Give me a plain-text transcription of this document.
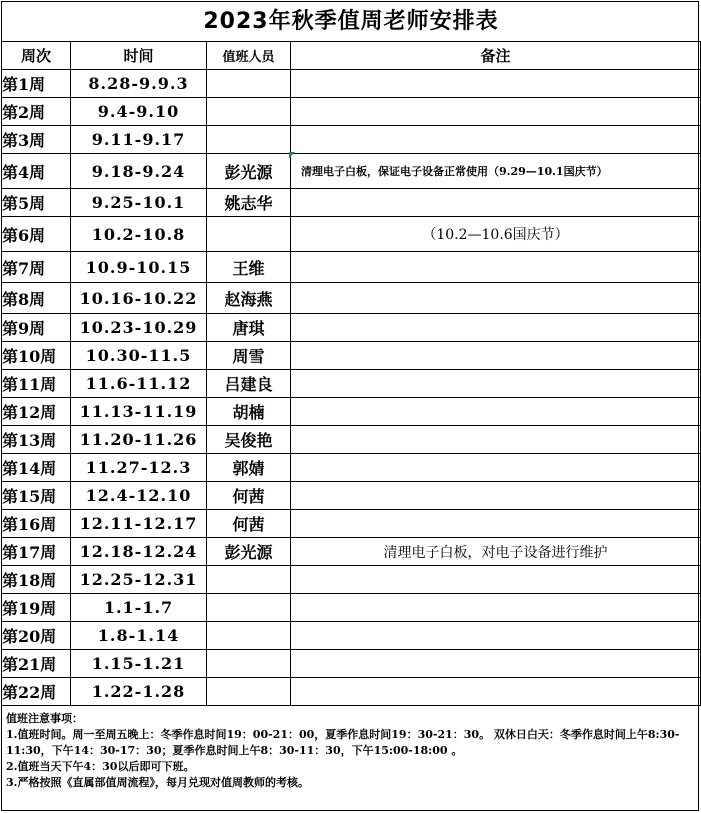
2023年秋季值周老师安排表
周次	时间	值班人员	备注
第1周	8.28-9.9.3		
第2周	9.4-9.10		
第3周	9.11-9.17		
第4周	9.18-9.24	彭光源	清理电子白板，保证电子设备正常使用（9.29—10.1国庆节）
第5周	9.25-10.1	姚志华	
第6周	10.2-10.8		（10.2—10.6国庆节）
第7周	10.9-10.15	王维	
第8周	10.16-10.22	赵海燕	
第9周	10.23-10.29	唐琪	
第10周	10.30-11.5	周雪	
第11周	11.6-11.12	吕建良	
第12周	11.13-11.19	胡楠	
第13周	11.20-11.26	吴俊艳	
第14周	11.27-12.3	郭婧	
第15周	12.4-12.10	何茜	
第16周	12.11-12.17	何茜	
第17周	12.18-12.24	彭光源	清理电子白板，对电子设备进行维护
第18周	12.25-12.31		
第19周	1.1-1.7		
第20周	1.8-1.14		
第21周	1.15-1.21		
第22周	1.22-1.28		
值班注意事项：
1.值班时间。周一至周五晚上：冬季作息时间19：00-21：00，夏季作息时间19：30-21：30。 双休日白天：冬季作息时间上午8:30-11:30，下午14：30-17：30；夏季作息时间上午8：30-11：30，下午15:00-18:00 。
2.值班当天下午4：30以后即可下班。
3.严格按照《直属部值周流程》，每月兑现对值周教师的考核。
